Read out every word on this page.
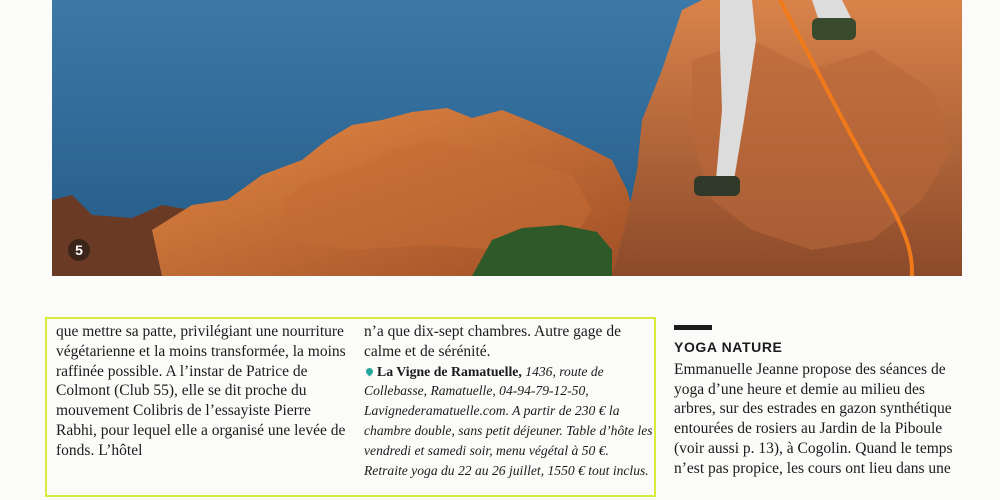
5

que mettre sa patte, privilégiant une nourriture végétarienne et la moins transformée, la moins raffinée possible. A l’instar de Patrice de Colmont (Club 55), elle se dit proche du mouvement Colibris de l’essayiste Pierre Rabhi, pour lequel elle a organisé une levée de fonds. L’hôtel

n’a que dix-sept chambres. Autre gage de calme et de sérénité.

La Vigne de Ramatuelle, 1436, route de Collebasse, Ramatuelle, 04-94-79-12-50, Lavignederamatuelle.com. A partir de 230 € la chambre double, sans petit déjeuner. Table d’hôte les vendredi et samedi soir, menu végétal à 50 €. Retraite yoga du 22 au 26 juillet, 1550 € tout inclus.

YOGA NATURE

Emmanuelle Jeanne propose des séances de yoga d’une heure et demie au milieu des arbres, sur des estrades en gazon synthétique entourées de rosiers au Jardin de la Piboule (voir aussi p. 13), à Cogolin. Quand le temps n’est pas propice, les cours ont lieu dans une
